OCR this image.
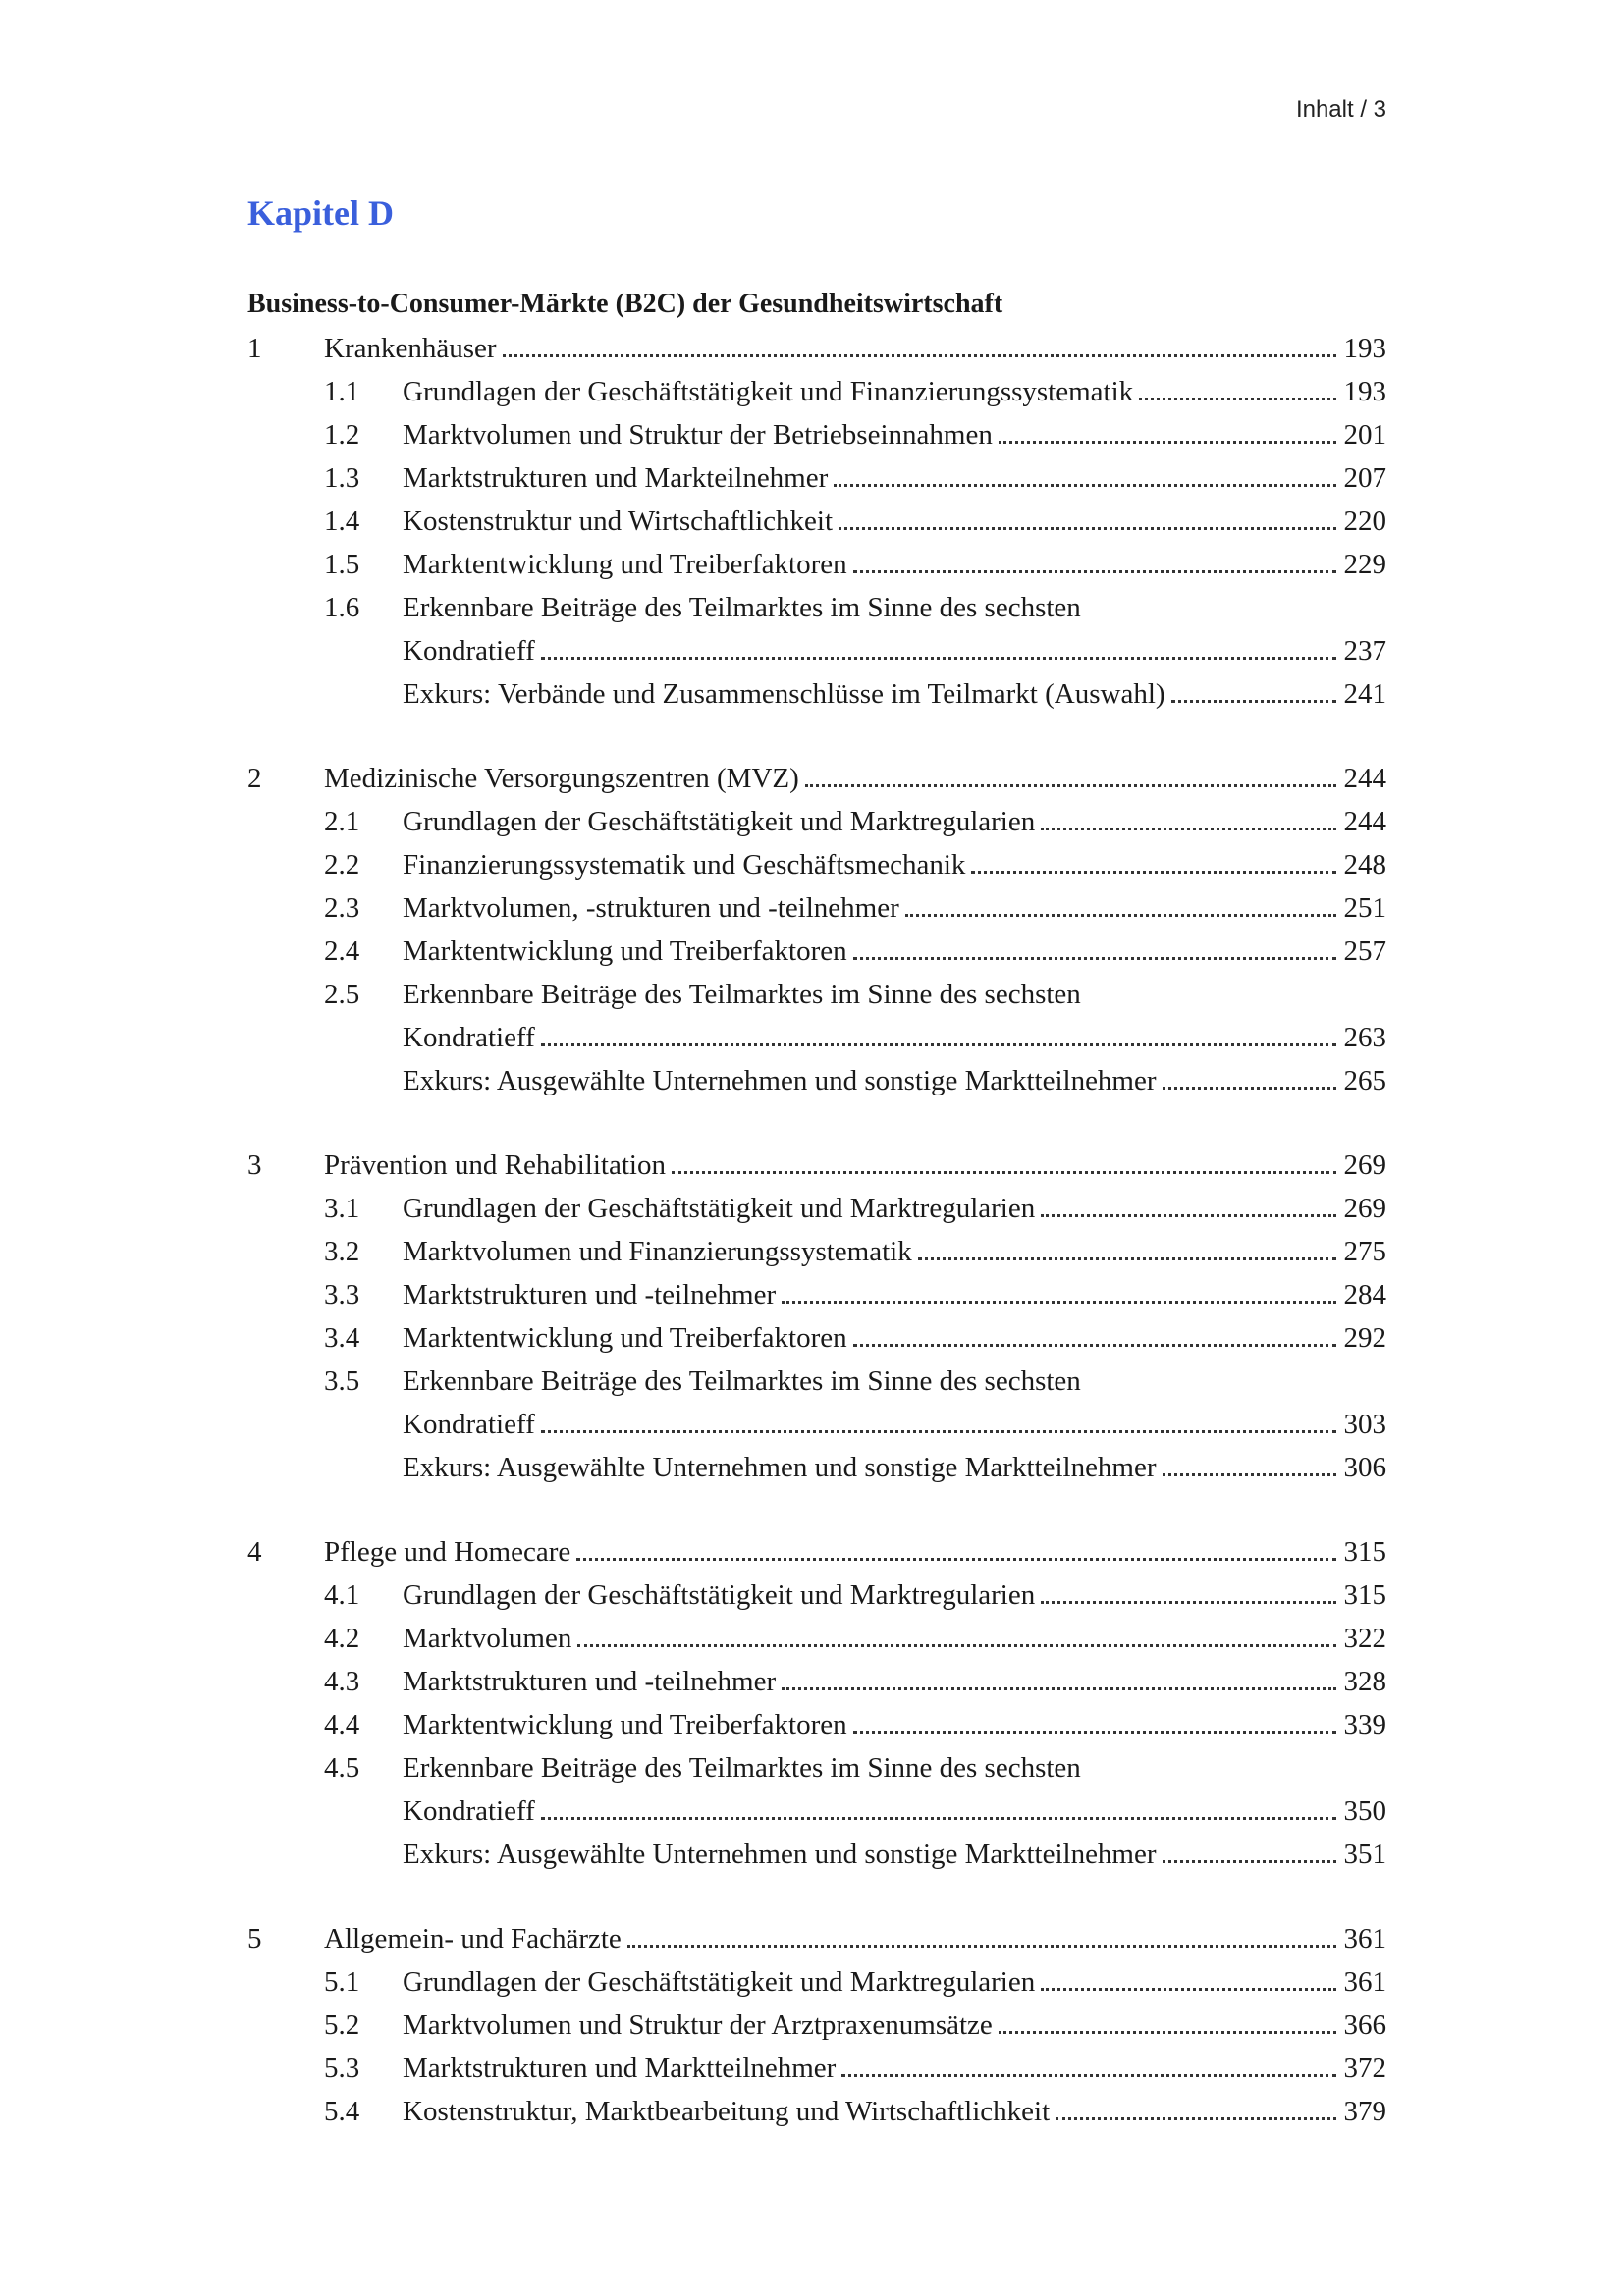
Inhalt / 3
Kapitel D
Business-to-Consumer-Märkte (B2C) der Gesundheitswirtschaft
1	Krankenhäuser	193
1.1	Grundlagen der Geschäftstätigkeit und Finanzierungssystematik	193
1.2	Marktvolumen und Struktur der Betriebseinnahmen	201
1.3	Marktstrukturen und Markteilnehmer	207
1.4	Kostenstruktur und Wirtschaftlichkeit	220
1.5	Marktentwicklung und Treiberfaktoren	229
1.6	Erkennbare Beiträge des Teilmarktes im Sinne des sechsten
Kondratieff	237
Exkurs: Verbände und Zusammenschlüsse im Teilmarkt (Auswahl)	241
2	Medizinische Versorgungszentren (MVZ)	244
2.1	Grundlagen der Geschäftstätigkeit und Marktregularien	244
2.2	Finanzierungssystematik und Geschäftsmechanik	248
2.3	Marktvolumen, -strukturen und -teilnehmer	251
2.4	Marktentwicklung und Treiberfaktoren	257
2.5	Erkennbare Beiträge des Teilmarktes im Sinne des sechsten
Kondratieff	263
Exkurs: Ausgewählte Unternehmen und sonstige Marktteilnehmer	265
3	Prävention und Rehabilitation	269
3.1	Grundlagen der Geschäftstätigkeit und Marktregularien	269
3.2	Marktvolumen und Finanzierungssystematik	275
3.3	Marktstrukturen und -teilnehmer	284
3.4	Marktentwicklung und Treiberfaktoren	292
3.5	Erkennbare Beiträge des Teilmarktes im Sinne des sechsten
Kondratieff	303
Exkurs: Ausgewählte Unternehmen und sonstige Marktteilnehmer	306
4	Pflege und Homecare	315
4.1	Grundlagen der Geschäftstätigkeit und Marktregularien	315
4.2	Marktvolumen	322
4.3	Marktstrukturen und -teilnehmer	328
4.4	Marktentwicklung und Treiberfaktoren	339
4.5	Erkennbare Beiträge des Teilmarktes im Sinne des sechsten
Kondratieff	350
Exkurs: Ausgewählte Unternehmen und sonstige Marktteilnehmer	351
5	Allgemein- und Fachärzte	361
5.1	Grundlagen der Geschäftstätigkeit und Marktregularien	361
5.2	Marktvolumen und Struktur der Arztpraxenumsätze	366
5.3	Marktstrukturen und Marktteilnehmer	372
5.4	Kostenstruktur, Marktbearbeitung und Wirtschaftlichkeit	379
